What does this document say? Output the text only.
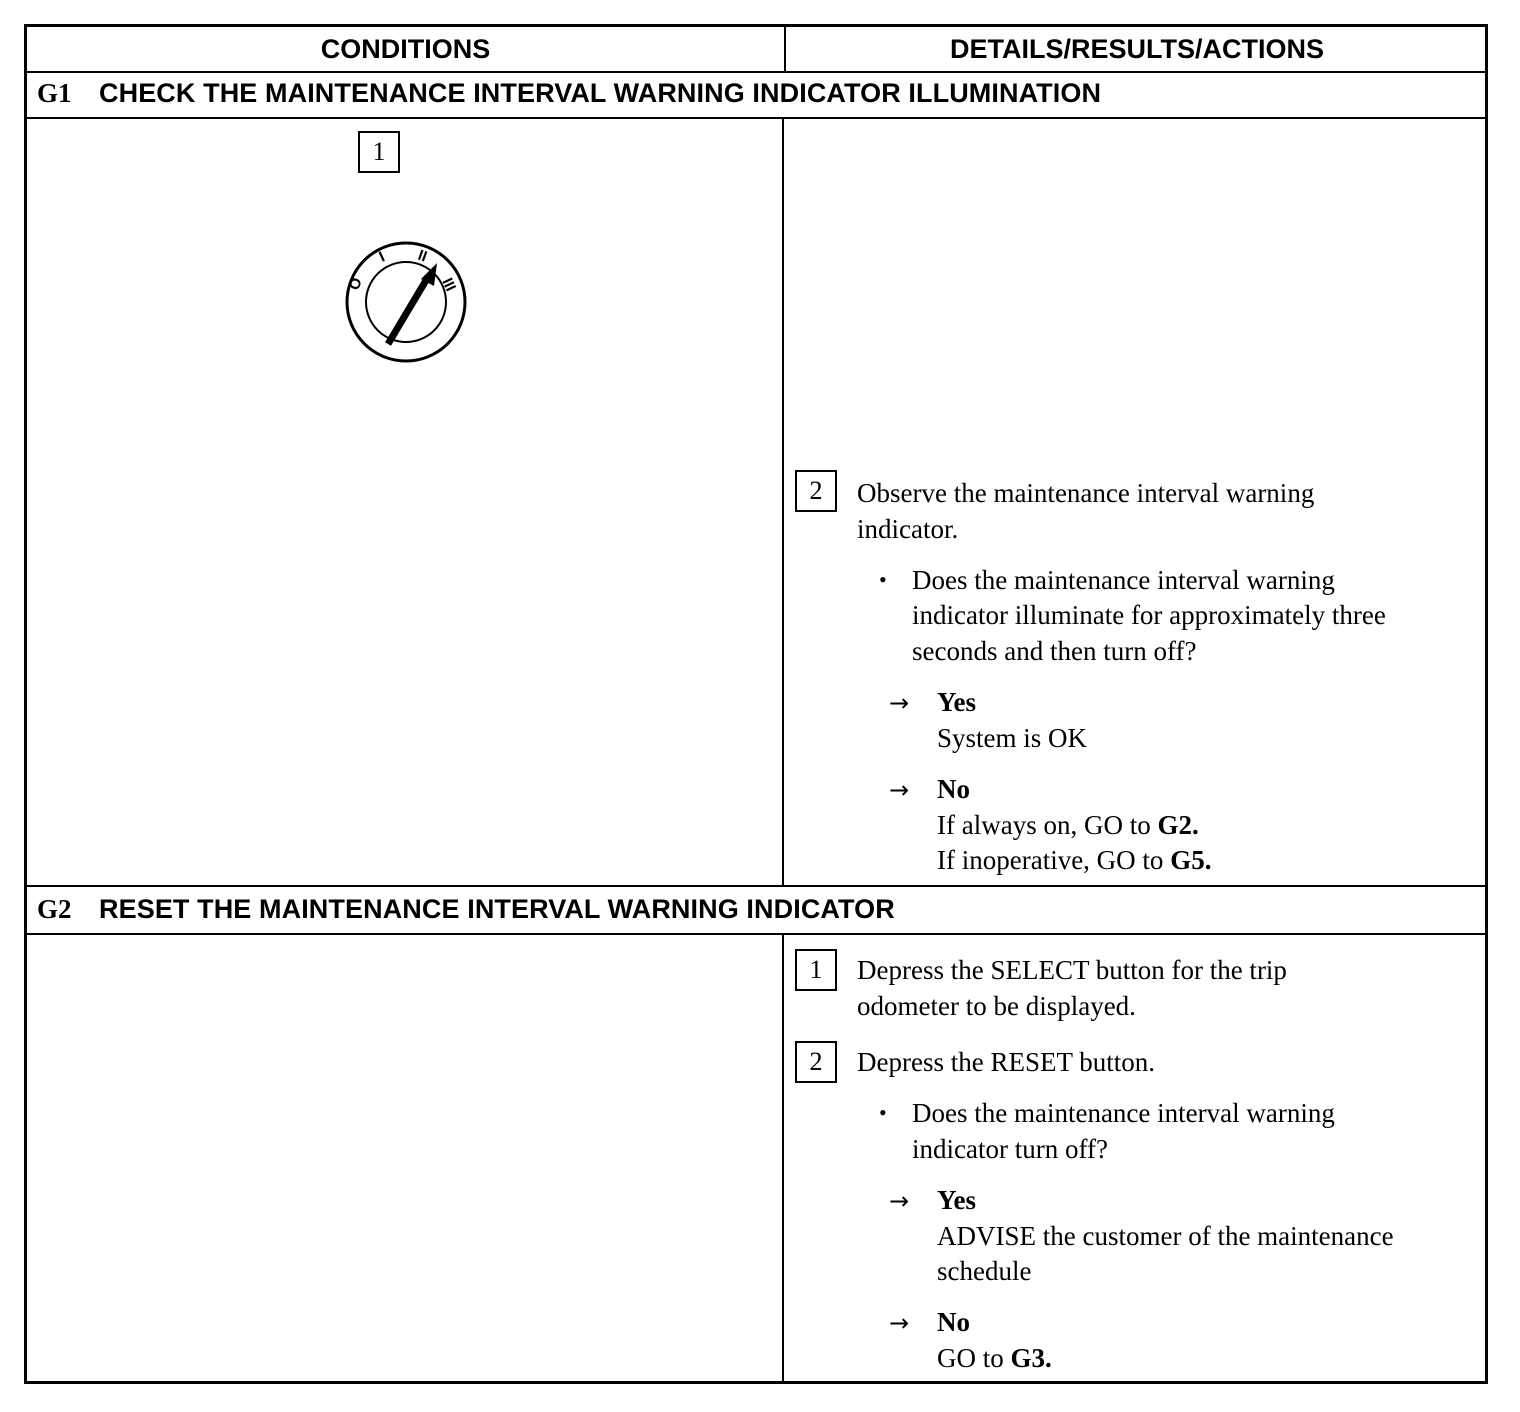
CONDITIONS	DETAILS/RESULTS/ACTIONS
G1 CHECK THE MAINTENANCE INTERVAL WARNING INDICATOR ILLUMINATION
1
O
I II
III
2	Observe the maintenance interval warning
indicator.
• Does the maintenance interval warning
indicator illuminate for approximately three
seconds and then turn off?
→ Yes
System is OK
→ No
If always on, GO to G2.
If inoperative, GO to G5.
G2 RESET THE MAINTENANCE INTERVAL WARNING INDICATOR
1	Depress the SELECT button for the trip
odometer to be displayed.
2	Depress the RESET button.
• Does the maintenance interval warning
indicator turn off?
→ Yes
ADVISE the customer of the maintenance
schedule
→ No
GO to G3.
